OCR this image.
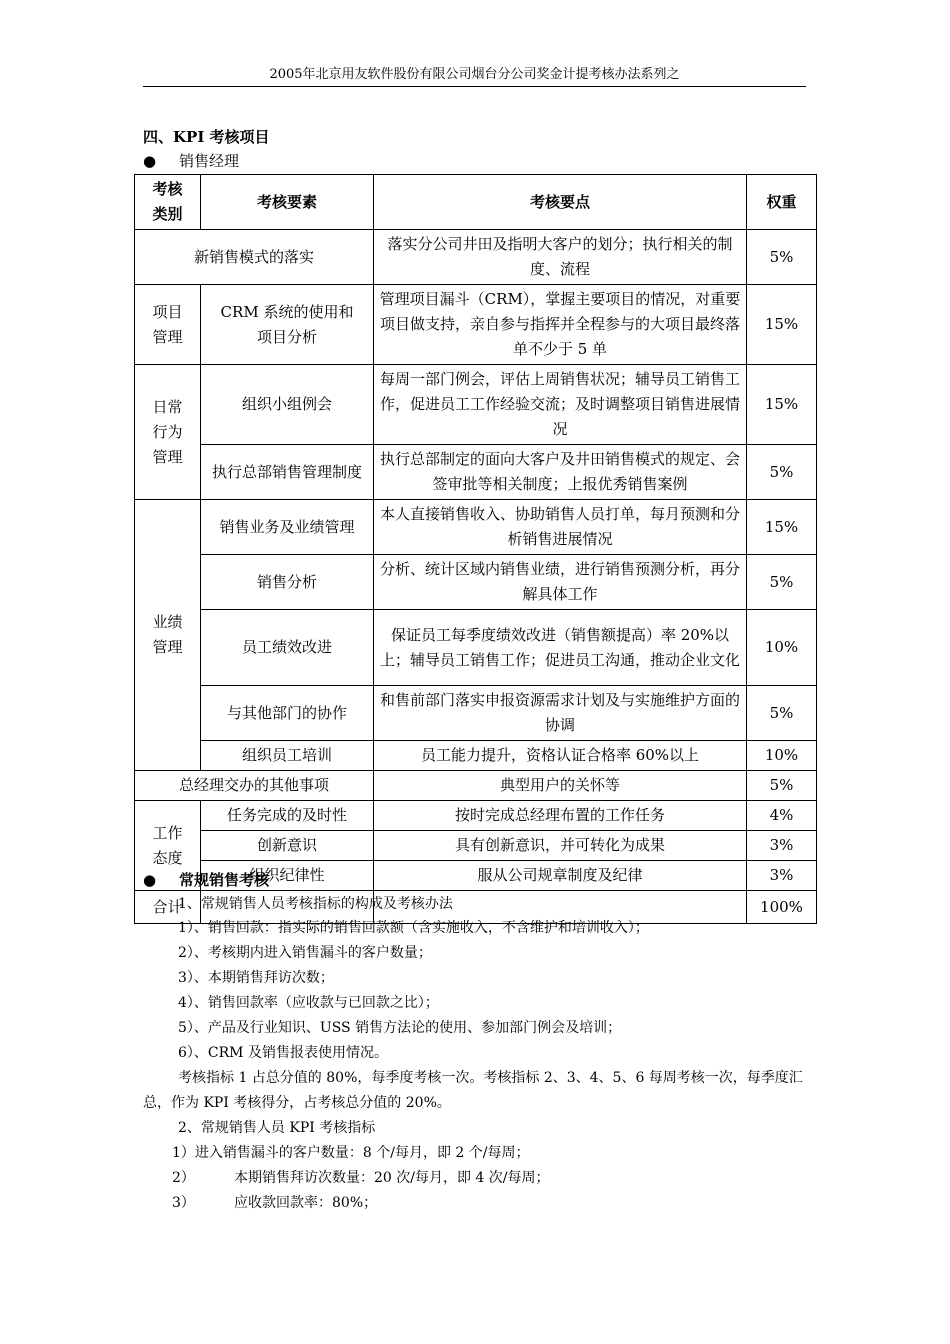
2005年北京用友软件股份有限公司烟台分公司奖金计提考核办法系列之
四、KPI 考核项目
● 销售经理
考核类别	考核要素	考核要点	权重
新销售模式的落实		落实分公司井田及指明大客户的划分；执行相关的制度、流程	5%
项目管理	CRM 系统的使用和项目分析	管理项目漏斗（CRM），掌握主要项目的情况，对重要项目做支持，亲自参与指挥并全程参与的大项目最终落单不少于 5 单	15%
日常行为管理	组织小组例会	每周一部门例会，评估上周销售状况；辅导员工销售工作，促进员工工作经验交流；及时调整项目销售进展情况	15%
	执行总部销售管理制度	执行总部制定的面向大客户及井田销售模式的规定、会签审批等相关制度；上报优秀销售案例	5%
业绩管理	销售业务及业绩管理	本人直接销售收入、协助销售人员打单，每月预测和分析销售进展情况	15%
	销售分析	分析、统计区域内销售业绩，进行销售预测分析，再分解具体工作	5%
	员工绩效改进	保证员工每季度绩效改进（销售额提高）率 20%以上；辅导员工销售工作；促进员工沟通，推动企业文化	10%
	与其他部门的协作	和售前部门落实申报资源需求计划及与实施维护方面的协调	5%
	组织员工培训	员工能力提升，资格认证合格率 60%以上	10%
总经理交办的其他事项		典型用户的关怀等	5%
工作态度	任务完成的及时性	按时完成总经理布置的工作任务	4%
	创新意识	具有创新意识，并可转化为成果	3%
	组织纪律性	服从公司规章制度及纪律	3%
合计			100%
● 常规销售考核
1、常规销售人员考核指标的构成及考核办法
1）、销售回款：指实际的销售回款额（含实施收入，不含维护和培训收入）；
2）、考核期内进入销售漏斗的客户数量；
3）、本期销售拜访次数；
4）、销售回款率（应收款与已回款之比）；
5）、产品及行业知识、USS 销售方法论的使用、参加部门例会及培训；
6）、CRM 及销售报表使用情况。
考核指标 1 占总分值的 80%，每季度考核一次。考核指标 2、3、4、5、6 每周考核一次，每季度汇总，作为 KPI 考核得分，占考核总分值的 20%。
2、常规销售人员 KPI 考核指标
1）进入销售漏斗的客户数量：8 个/每月，即 2 个/每周；
2）	本期销售拜访次数量：20 次/每月，即 4 次/每周；
3）	应收款回款率：80%；
